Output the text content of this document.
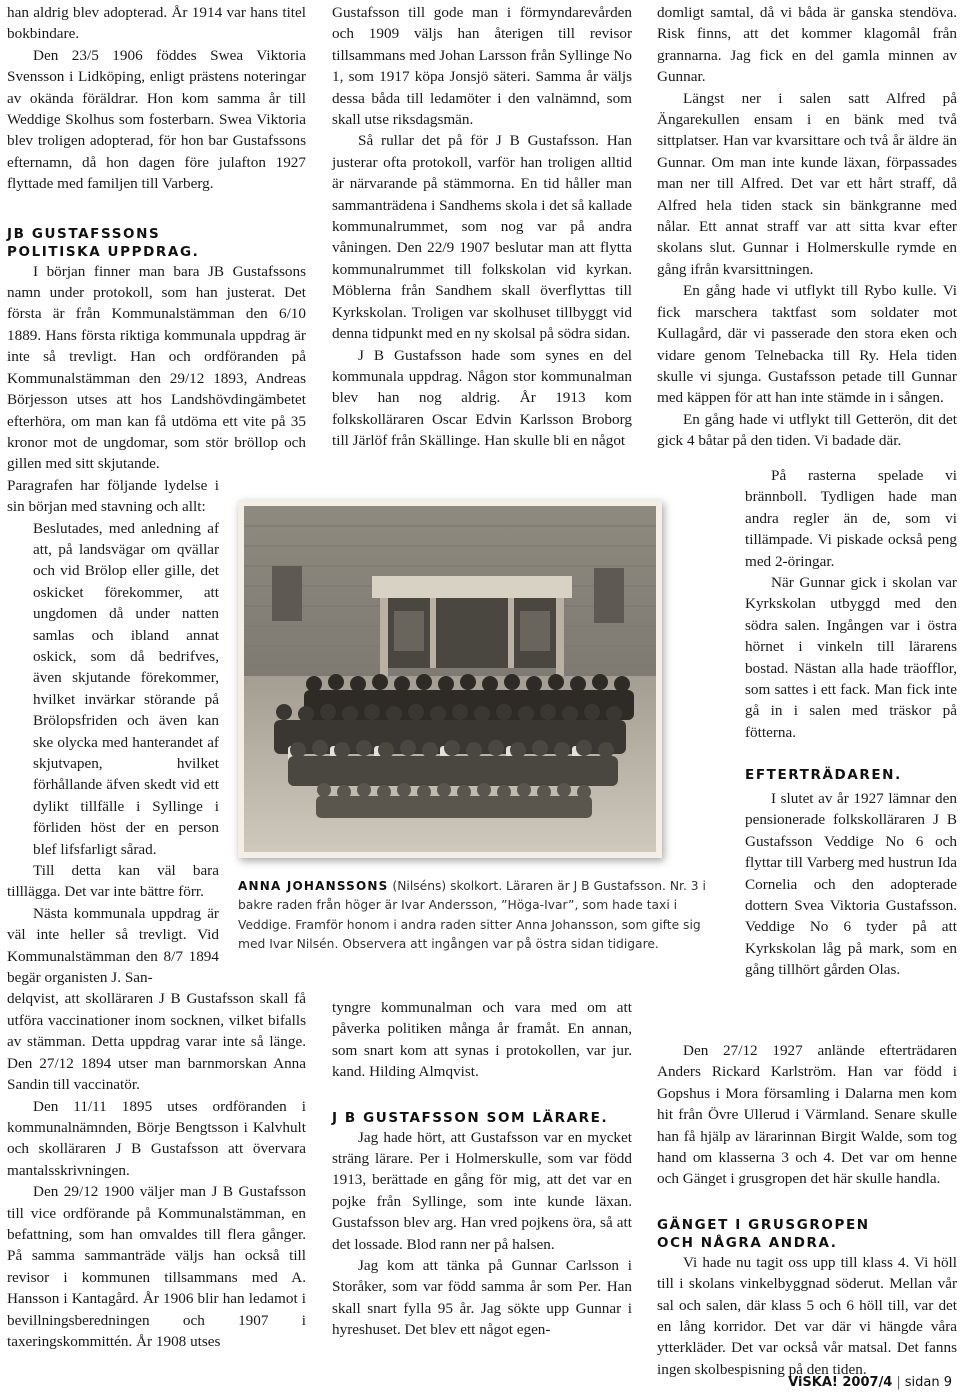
han aldrig blev adopterad. År 1914 var hans titel bokbindare.

Den 23/5 1906 föddes Swea Viktoria Svensson i Lidköping, enligt prästens noteringar av okända föräldrar. Hon kom samma år till Weddige Skolhus som fosterbarn. Swea Viktoria blev troligen adopterad, för hon bar Gustafssons efternamn, då hon dagen före julafton 1927 flyttade med familjen till Varberg.

JB GUSTAFSSONS
POLITISKA UPPDRAG.

I början finner man bara JB Gustafssons namn under protokoll, som han justerat. Det första är från Kommunalstämman den 6/10 1889. Hans första riktiga kommunala uppdrag är inte så trevligt. Han och ordföranden på Kommunalstämman den 29/12 1893, Andreas Börjesson utses att hos Landshövdingämbetet efterhöra, om man kan få utdöma ett vite på 35 kronor mot de ungdomar, som stör bröllop och gillen med sitt skjutande.

Paragrafen har följande lydelse i sin början med stavning och allt:

Beslutades, med anledning af att, på landsvägar om qvällar och vid Brölop eller gille, det oskicket förekommer, att ungdomen då under natten samlas och ibland annat oskick, som då bedrifves, även skjutande förekommer, hvilket invärkar störande på Brölopsfriden och även kan ske olycka med hanterandet af skjutvapen, hvilket förhållande äfven skedt vid ett dylikt tillfälle i Syllinge i förliden höst der en person blef lifsfarligt sårad.

Till detta kan väl bara tilllägga. Det var inte bättre förr.

Nästa kommunala uppdrag är väl inte heller så trevligt. Vid Kommunalstämman den 8/7 1894 begär organisten J. San-

delqvist, att skolläraren J B Gustafsson skall få utföra vaccinationer inom socknen, vilket bifalls av stämman. Detta uppdrag varar inte så länge. Den 27/12 1894 utser man barnmorskan Anna Sandin till vaccinatör.

Den 11/11 1895 utses ordföranden i kommunalnämnden, Börje Bengtsson i Kalvhult och skolläraren J B Gustafsson att övervara mantalsskrivningen.

Den 29/12 1900 väljer man J B Gustafsson till vice ordförande på Kommunalstämman, en befattning, som han omvaldes till flera gånger. På samma sammanträde väljs han också till revisor i kommunen tillsammans med A. Hansson i Kantagård. År 1906 blir han ledamot i bevillningsberedningen och 1907 i taxeringskommittén. År 1908 utses

Gustafsson till gode man i förmyndarevården och 1909 väljs han återigen till revisor tillsammans med Johan Larsson från Syllinge No 1, som 1917 köpa Jonsjö säteri. Samma år väljs dessa båda till ledamöter i den valnämnd, som skall utse riksdagsmän.

Så rullar det på för J B Gustafsson. Han justerar ofta protokoll, varför han troligen alltid är närvarande på stämmorna. En tid håller man sammanträdena i Sandhems skola i det så kallade kommunalrummet, som nog var på andra våningen. Den 22/9 1907 beslutar man att flytta kommunalrummet till folkskolan vid kyrkan. Möblerna från Sandhem skall överflyttas till Kyrkskolan. Troligen var skolhuset tillbyggt vid denna tidpunkt med en ny skolsal på södra sidan.

J B Gustafsson hade som synes en del kommunala uppdrag. Någon stor kommunalman blev han nog aldrig. År 1913 kom folkskolläraren Oscar Edvin Karlsson Broborg till Järlöf från Skällinge. Han skulle bli en något

ANNA JOHANSSONS (Nilséns) skolkort. Läraren är J B Gustafsson. Nr. 3 i bakre raden från höger är Ivar Andersson, ”Höga-Ivar”, som hade taxi i Veddige. Framför honom i andra raden sitter Anna Johansson, som gifte sig med Ivar Nilsén. Observera att ingången var på östra sidan tidigare.

tyngre kommunalman och vara med om att påverka politiken många år framåt. En annan, som snart kom att synas i protokollen, var jur. kand. Hilding Almqvist.

J B GUSTAFSSON SOM LÄRARE.

Jag hade hört, att Gustafsson var en mycket sträng lärare. Per i Holmerskulle, som var född 1913, berättade en gång för mig, att det var en pojke från Syllinge, som inte kunde läxan. Gustafsson blev arg. Han vred pojkens öra, så att det lossade. Blod rann ner på halsen.

Jag kom att tänka på Gunnar Carlsson i Storåker, som var född samma år som Per. Han skall snart fylla 95 år. Jag sökte upp Gunnar i hyreshuset. Det blev ett något egen-

domligt samtal, då vi båda är ganska stendöva. Risk finns, att det kommer klagomål från grannarna. Jag fick en del gamla minnen av Gunnar.

Längst ner i salen satt Alfred på Ängarekullen ensam i en bänk med två sittplatser. Han var kvarsittare och två år äldre än Gunnar. Om man inte kunde läxan, förpassades man ner till Alfred. Det var ett hårt straff, då Alfred hela tiden stack sin bänkgranne med nålar. Ett annat straff var att sitta kvar efter skolans slut. Gunnar i Holmerskulle rymde en gång ifrån kvarsittningen.

En gång hade vi utflykt till Rybo kulle. Vi fick marschera taktfast som soldater mot Kullagård, där vi passerade den stora eken och vidare genom Telnebacka till Ry. Hela tiden skulle vi sjunga. Gustafsson petade till Gunnar med käppen för att han inte stämde in i sången.

En gång hade vi utflykt till Getterön, dit det gick 4 båtar på den tiden. Vi badade där.

På rasterna spelade vi brännboll. Tydligen hade man andra regler än de, som vi tillämpade. Vi piskade också peng med 2-öringar.

När Gunnar gick i skolan var Kyrkskolan utbyggd med den södra salen. Ingången var i östra hörnet i vinkeln till lärarens bostad. Nästan alla hade träofflor, som sattes i ett fack. Man fick inte gå in i salen med träskor på fötterna.

EFTERTRÄDAREN.

I slutet av år 1927 lämnar den pensionerade folkskolläraren J B Gustafsson Veddige No 6 och flyttar till Varberg med hustrun Ida Cornelia och den adopterade dottern Svea Viktoria Gustafsson. Veddige No 6 tyder på att Kyrkskolan låg på mark, som en gång tillhört gården Olas.

Den 27/12 1927 anlände efterträdaren Anders Rickard Karlström. Han var född i Gopshus i Mora församling i Dalarna men kom hit från Övre Ullerud i Värmland. Senare skulle han få hjälp av lärarinnan Birgit Walde, som tog hand om klasserna 3 och 4. Det var om henne och Gänget i grusgropen det här skulle handla.

GÄNGET I GRUSGROPEN
OCH NÅGRA ANDRA.

Vi hade nu tagit oss upp till klass 4. Vi höll till i skolans vinkelbyggnad söderut. Mellan vår sal och salen, där klass 5 och 6 höll till, var det en lång korridor. Det var där vi hängde våra ytterkläder. Det var också vår matsal. Det fanns ingen skolbespisning på den tiden.

ViSKA! 2007/4 | sidan 9
